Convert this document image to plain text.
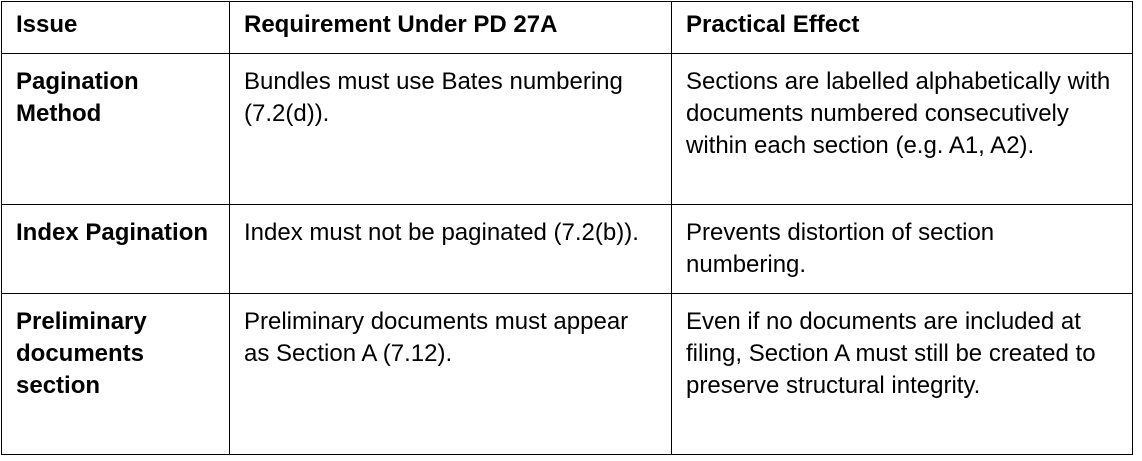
Issue	Requirement Under PD 27A	Practical Effect
Pagination Method	Bundles must use Bates numbering (7.2(d)).	Sections are labelled alphabetically with documents numbered consecutively within each section (e.g. A1, A2).
Index Pagination	Index must not be paginated (7.2(b)).	Prevents distortion of section numbering.
Preliminary documents section	Preliminary documents must appear as Section A (7.12).	Even if no documents are included at filing, Section A must still be created to preserve structural integrity.
